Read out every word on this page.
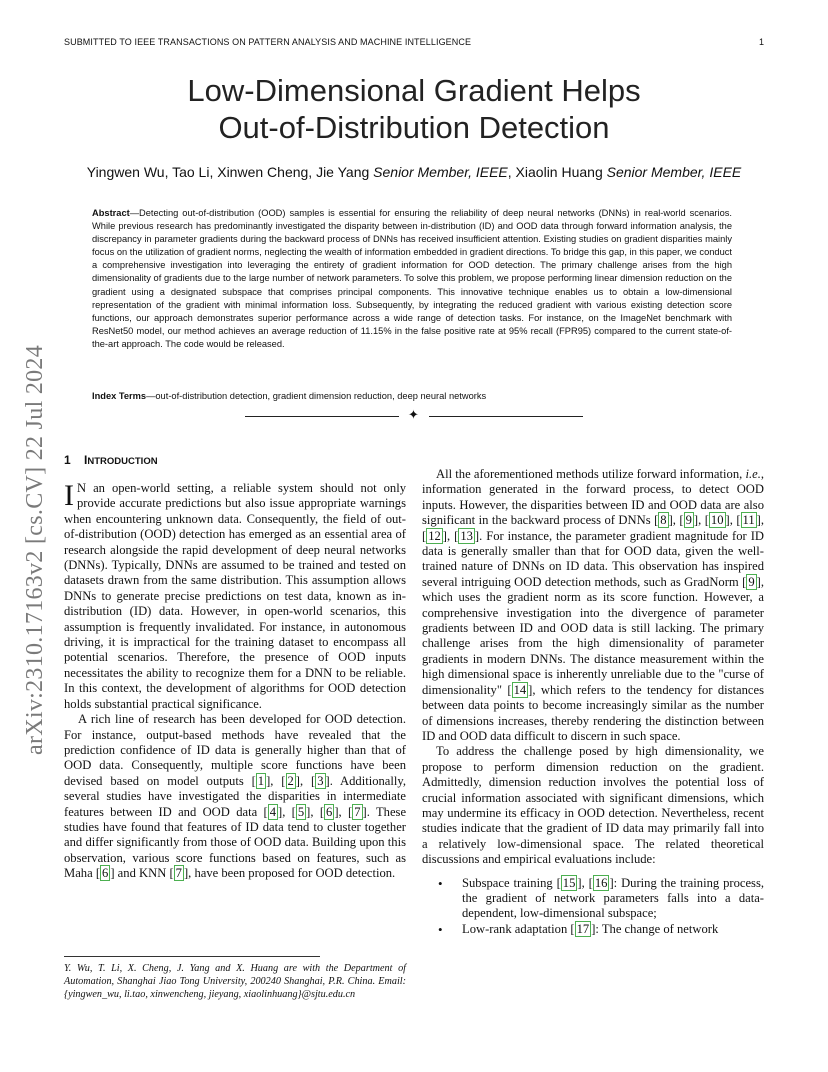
SUBMITTED TO IEEE TRANSACTIONS ON PATTERN ANALYSIS AND MACHINE INTELLIGENCE	1
Low-Dimensional Gradient Helps
Out-of-Distribution Detection
Yingwen Wu, Tao Li, Xinwen Cheng, Jie Yang Senior Member, IEEE, Xiaolin Huang Senior Member, IEEE
arXiv:2310.17163v2 [cs.CV] 22 Jul 2024
Abstract—Detecting out-of-distribution (OOD) samples is essential for ensuring the reliability of deep neural networks (DNNs) in real-world scenarios. While previous research has predominantly investigated the disparity between in-distribution (ID) and OOD data through forward information analysis, the discrepancy in parameter gradients during the backward process of DNNs has received insufficient attention. Existing studies on gradient disparities mainly focus on the utilization of gradient norms, neglecting the wealth of information embedded in gradient directions. To bridge this gap, in this paper, we conduct a comprehensive investigation into leveraging the entirety of gradient information for OOD detection. The primary challenge arises from the high dimensionality of gradients due to the large number of network parameters. To solve this problem, we propose performing linear dimension reduction on the gradient using a designated subspace that comprises principal components. This innovative technique enables us to obtain a low-dimensional representation of the gradient with minimal information loss. Subsequently, by integrating the reduced gradient with various existing detection score functions, our approach demonstrates superior performance across a wide range of detection tasks. For instance, on the ImageNet benchmark with ResNet50 model, our method achieves an average reduction of 11.15% in the false positive rate at 95% recall (FPR95) compared to the current state-of-the-art approach. The code would be released.
Index Terms—out-of-distribution detection, gradient dimension reduction, deep neural networks
✦
1 INTRODUCTION

I N an open-world setting, a reliable system should not only provide accurate predictions but also issue appropriate warnings when encountering unknown data. Consequently, the field of out-of-distribution (OOD) detection has emerged as an essential area of research alongside the rapid development of deep neural networks (DNNs). Typically, DNNs are assumed to be trained and tested on datasets drawn from the same distribution. This assumption allows DNNs to generate precise predictions on test data, known as in-distribution (ID) data. However, in open-world scenarios, this assumption is frequently invalidated. For instance, in autonomous driving, it is impractical for the training dataset to encompass all potential scenarios. Therefore, the presence of OOD inputs necessitates the ability to recognize them for a DNN to be reliable. In this context, the development of algorithms for OOD detection holds substantial practical significance.

A rich line of research has been developed for OOD detection. For instance, output-based methods have revealed that the prediction confidence of ID data is generally higher than that of OOD data. Consequently, multiple score functions have been devised based on model outputs [ 1 ], [ 2 ], [ 3 ]. Additionally, several studies have investigated the disparities in intermediate features between ID and OOD data [ 4 ], [ 5 ], [ 6 ], [ 7 ]. These studies have found that features of ID data tend to cluster together and differ significantly from those of OOD data. Building upon this observation, various score functions based on features, such as Maha [ 6 ] and KNN [ 7 ], have been proposed for OOD detection.

Y. Wu, T. Li, X. Cheng, J. Yang and X. Huang are with the Department of Automation, Shanghai Jiao Tong University, 200240 Shanghai, P.R. China. Email: {yingwen_wu, li.tao, xinwencheng, jieyang, xiaolinhuang}@sjtu.edu.cn

All the aforementioned methods utilize forward information, i.e., information generated in the forward process, to detect OOD inputs. However, the disparities between ID and OOD data are also significant in the backward process of DNNs [ 8 ], [ 9 ], [ 10 ], [ 11 ], [ 12 ], [ 13 ]. For instance, the parameter gradient magnitude for ID data is generally smaller than that for OOD data, given the well-trained nature of DNNs on ID data. This observation has inspired several intriguing OOD detection methods, such as GradNorm [ 9 ], which uses the gradient norm as its score function. However, a comprehensive investigation into the divergence of parameter gradients between ID and OOD data is still lacking. The primary challenge arises from the high dimensionality of parameter gradients in modern DNNs. The distance measurement within the high dimensional space is inherently unreliable due to the "curse of dimensionality" [ 14 ], which refers to the tendency for distances between data points to become increasingly similar as the number of dimensions increases, thereby rendering the distinction between ID and OOD data difficult to discern in such space.

To address the challenge posed by high dimensionality, we propose to perform dimension reduction on the gradient. Admittedly, dimension reduction involves the potential loss of crucial information associated with significant dimensions, which may undermine its efficacy in OOD detection. Nevertheless, recent studies indicate that the gradient of ID data may primarily fall into a relatively low-dimensional space. The related theoretical discussions and empirical evaluations include:

• Subspace training [ 15 ], [ 16 ]: During the training process, the gradient of network parameters falls into a data-dependent, low-dimensional subspace;
• Low-rank adaptation [ 17 ]: The change of network
